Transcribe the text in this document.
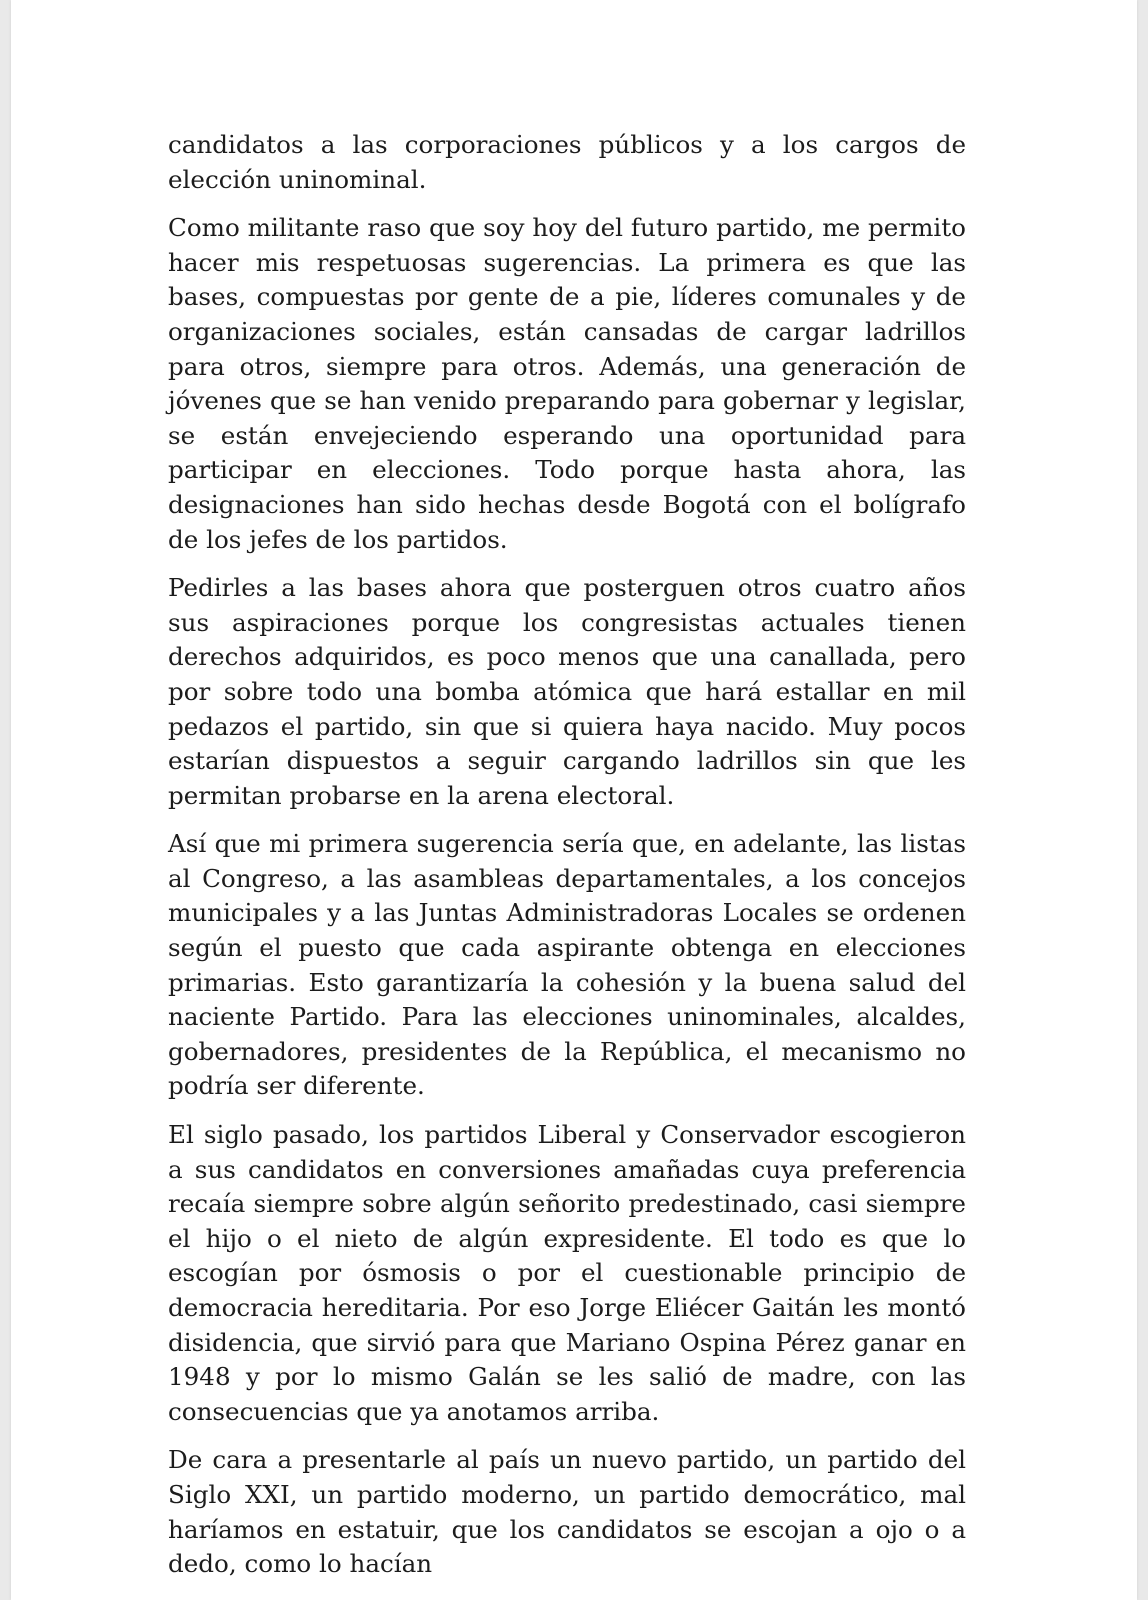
candidatos a las corporaciones públicos y a los cargos de elección uninominal.

Como militante raso que soy hoy del futuro partido, me permito hacer mis respetuosas sugerencias. La primera es que las bases, compuestas por gente de a pie, líderes comunales y de organizaciones sociales, están cansadas de cargar ladrillos para otros, siempre para otros. Además, una generación de jóvenes que se han venido preparando para gobernar y legislar, se están envejeciendo esperando una oportunidad para participar en elecciones. Todo porque hasta ahora, las designaciones han sido hechas desde Bogotá con el bolígrafo de los jefes de los partidos.

Pedirles a las bases ahora que posterguen otros cuatro años sus aspiraciones porque los congresistas actuales tienen derechos adquiridos, es poco menos que una canallada, pero por sobre todo una bomba atómica que hará estallar en mil pedazos el partido, sin que si quiera haya nacido. Muy pocos estarían dispuestos a seguir cargando ladrillos sin que les permitan probarse en la arena electoral.

Así que mi primera sugerencia sería que, en adelante, las listas al Congreso, a las asambleas departamentales, a los concejos municipales y a las Juntas Administradoras Locales se ordenen según el puesto que cada aspirante obtenga en elecciones primarias. Esto garantizaría la cohesión y la buena salud del naciente Partido. Para las elecciones uninominales, alcaldes, gobernadores, presidentes de la República, el mecanismo no podría ser diferente.

El siglo pasado, los partidos Liberal y Conservador escogieron a sus candidatos en conversiones amañadas cuya preferencia recaía siempre sobre algún señorito predestinado, casi siempre el hijo o el nieto de algún expresidente. El todo es que lo escogían por ósmosis o por el cuestionable principio de democracia hereditaria. Por eso Jorge Eliécer Gaitán les montó disidencia, que sirvió para que Mariano Ospina Pérez ganar en 1948 y por lo mismo Galán se les salió de madre, con las consecuencias que ya anotamos arriba.

De cara a presentarle al país un nuevo partido, un partido del Siglo XXI, un partido moderno, un partido democrático, mal haríamos en estatuir, que los candidatos se escojan a ojo o a dedo, como lo hacían
